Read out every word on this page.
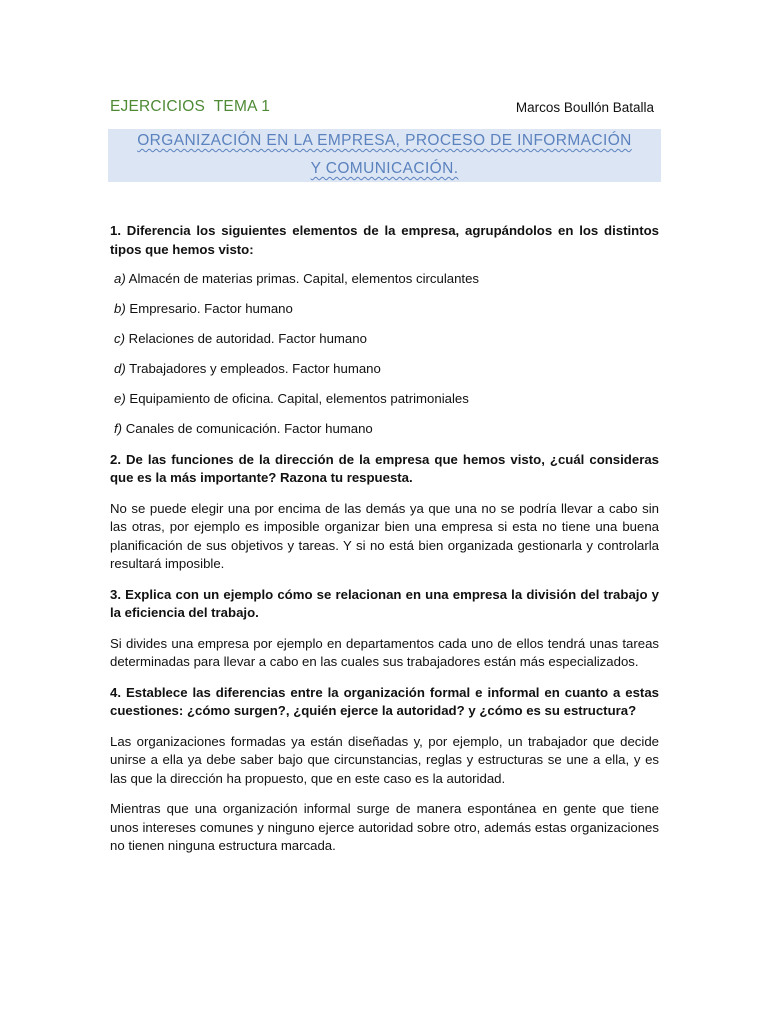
EJERCICIOS  TEMA 1	Marcos Boullón Batalla
ORGANIZACIÓN EN LA EMPRESA, PROCESO DE INFORMACIÓN
Y COMUNICACIÓN.

1. Diferencia los siguientes elementos de la empresa, agrupándolos en los distintos tipos que hemos visto:

a) Almacén de materias primas. Capital, elementos circulantes
b) Empresario. Factor humano
c) Relaciones de autoridad. Factor humano
d) Trabajadores y empleados. Factor humano
e) Equipamiento de oficina. Capital, elementos patrimoniales
f) Canales de comunicación. Factor humano

2. De las funciones de la dirección de la empresa que hemos visto, ¿cuál consideras que es la más importante? Razona tu respuesta.

No se puede elegir una por encima de las demás ya que una no se podría llevar a cabo sin las otras, por ejemplo es imposible organizar bien una empresa si esta no tiene una buena planificación de sus objetivos y tareas. Y si no está bien organizada gestionarla y controlarla resultará imposible.

3. Explica con un ejemplo cómo se relacionan en una empresa la división del trabajo y la eficiencia del trabajo.

Si divides una empresa por ejemplo en departamentos cada uno de ellos tendrá unas tareas determinadas para llevar a cabo en las cuales sus trabajadores están más especializados.

4. Establece las diferencias entre la organización formal e informal en cuanto a estas cuestiones: ¿cómo surgen?, ¿quién ejerce la autoridad? y ¿cómo es su estructura?

Las organizaciones formadas ya están diseñadas y, por ejemplo, un trabajador que decide unirse a ella ya debe saber bajo que circunstancias, reglas y estructuras se une a ella, y es las que la dirección ha propuesto, que en este caso es la autoridad.

Mientras que una organización informal surge de manera espontánea en gente que tiene unos intereses comunes y ninguno ejerce autoridad sobre otro, además estas organizaciones no tienen ninguna estructura marcada.
